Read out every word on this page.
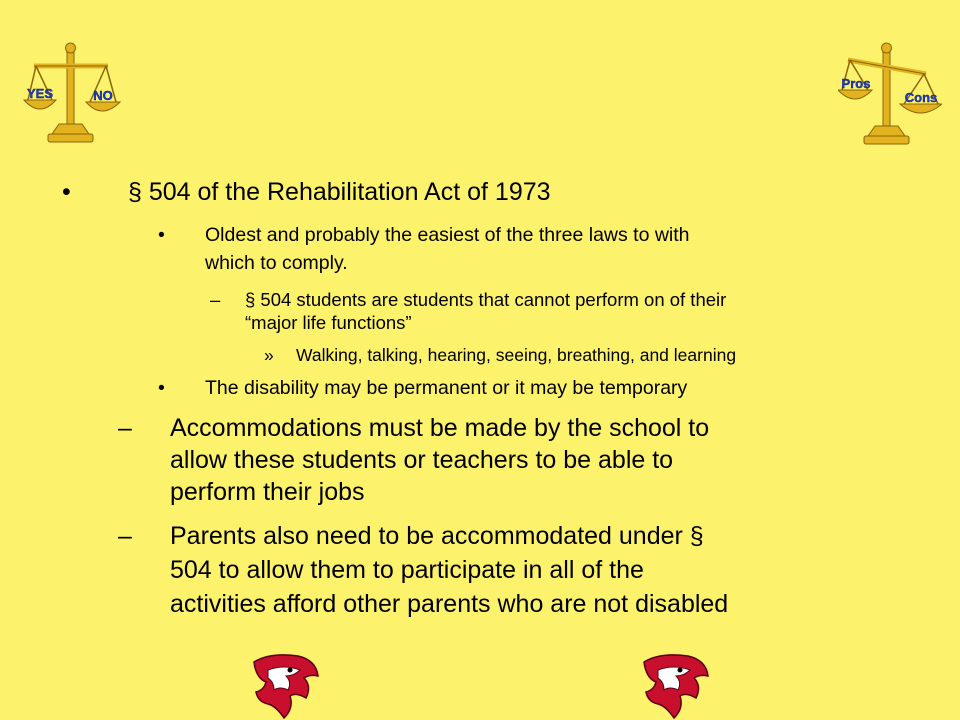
YES	NO
Pros
Cons
• § 504 of the Rehabilitation Act of 1973
• Oldest and probably the easiest of the three laws to with
which to comply.
– § 504 students are students that cannot perform on of their
“major life functions”
» Walking, talking, hearing, seeing, breathing, and learning
• The disability may be permanent or it may be temporary
– Accommodations must be made by the school to
allow these students or teachers to be able to
perform their jobs
– Parents also need to be accommodated under §
504 to allow them to participate in all of the
activities afford other parents who are not disabled
